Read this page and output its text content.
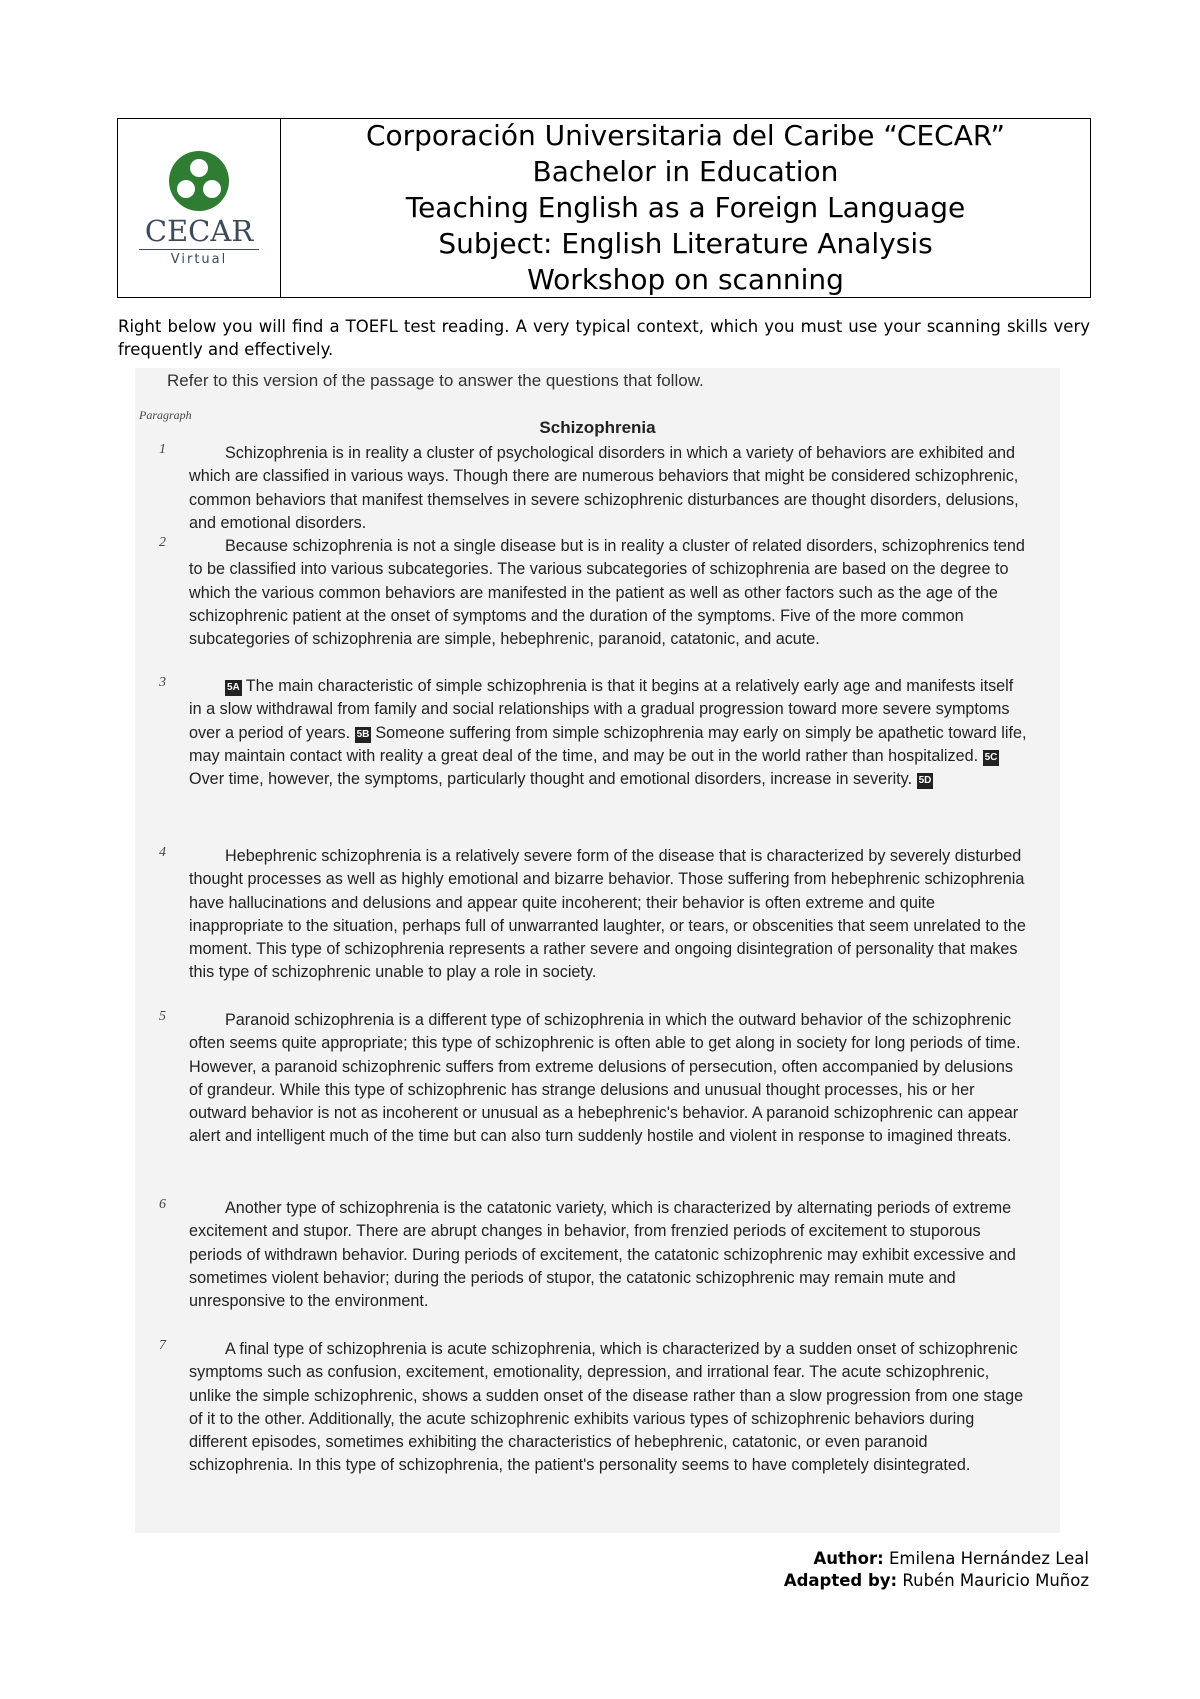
CECAR
Virtual
Corporación Universitaria del Caribe “CECAR”
Bachelor in Education
Teaching English as a Foreign Language
Subject: English Literature Analysis
Workshop on scanning

Right below you will find a TOEFL test reading. A very typical context, which you must use your scanning skills very frequently and effectively.

Refer to this version of the passage to answer the questions that follow.

Paragraph
Schizophrenia
1	Schizophrenia is in reality a cluster of psychological disorders in which a variety of behaviors are exhibited and which are classified in various ways. Though there are numerous behaviors that might be considered schizophrenic, common behaviors that manifest themselves in severe schizophrenic disturbances are thought disorders, delusions, and emotional disorders.

2	Because schizophrenia is not a single disease but is in reality a cluster of related disorders, schizophrenics tend to be classified into various subcategories. The various subcategories of schizophrenia are based on the degree to which the various common behaviors are manifested in the patient as well as other factors such as the age of the schizophrenic patient at the onset of symptoms and the duration of the symptoms. Five of the more common subcategories of schizophrenia are simple, hebephrenic, paranoid, catatonic, and acute.

3	5A The main characteristic of simple schizophrenia is that it begins at a relatively early age and manifests itself in a slow withdrawal from family and social relationships with a gradual progression toward more severe symptoms over a period of years. 5B Someone suffering from simple schizophrenia may early on simply be apathetic toward life, may maintain contact with reality a great deal of the time, and may be out in the world rather than hospitalized. 5COver time, however, the symptoms, particularly thought and emotional disorders, increase in severity. 5D

4	Hebephrenic schizophrenia is a relatively severe form of the disease that is characterized by severely disturbed thought processes as well as highly emotional and bizarre behavior. Those suffering from hebephrenic schizophrenia have hallucinations and delusions and appear quite incoherent; their behavior is often extreme and quite inappropriate to the situation, perhaps full of unwarranted laughter, or tears, or obscenities that seem unrelated to the moment. This type of schizophrenia represents a rather severe and ongoing disintegration of personality that makes this type of schizophrenic unable to play a role in society.

5	Paranoid schizophrenia is a different type of schizophrenia in which the outward behavior of the schizophrenic often seems quite appropriate; this type of schizophrenic is often able to get along in society for long periods of time. However, a paranoid schizophrenic suffers from extreme delusions of persecution, often accompanied by delusions of grandeur. While this type of schizophrenic has strange delusions and unusual thought processes, his or her outward behavior is not as incoherent or unusual as a hebephrenic's behavior. A paranoid schizophrenic can appear alert and intelligent much of the time but can also turn suddenly hostile and violent in response to imagined threats.

6	Another type of schizophrenia is the catatonic variety, which is characterized by alternating periods of extreme excitement and stupor. There are abrupt changes in behavior, from frenzied periods of excitement to stuporous periods of withdrawn behavior. During periods of excitement, the catatonic schizophrenic may exhibit excessive and sometimes violent behavior; during the periods of stupor, the catatonic schizophrenic may remain mute and unresponsive to the environment.

7	A final type of schizophrenia is acute schizophrenia, which is characterized by a sudden onset of schizophrenic symptoms such as confusion, excitement, emotionality, depression, and irrational fear. The acute schizophrenic, unlike the simple schizophrenic, shows a sudden onset of the disease rather than a slow progression from one stage of it to the other. Additionally, the acute schizophrenic exhibits various types of schizophrenic behaviors during different episodes, sometimes exhibiting the characteristics of hebephrenic, catatonic, or even paranoid schizophrenia. In this type of schizophrenia, the patient's personality seems to have completely disintegrated.

Author: Emilena Hernández Leal
Adapted by: Rubén Mauricio Muñoz
